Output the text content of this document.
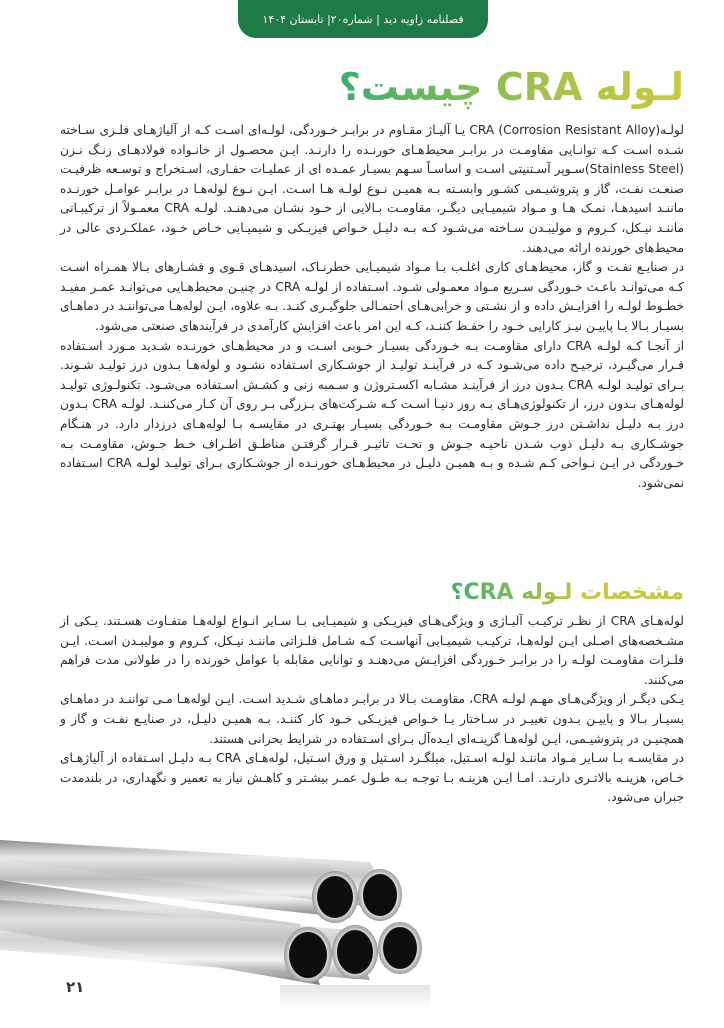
فصلنامه زاویه دید | شماره۲۰| تابستان ۱۴۰۴
لـوله CRA چیست؟

لولـه(CRA (Corrosion Resistant Alloy یـا آلیـاژ مقـاوم در برابـر خـوردگی، لولـه‌ای اسـت کـه از آلیاژهـای فلـزی سـاخته شـده اسـت کـه توانـایی مقاومـت در برابـر محیط‌هـای خورنـده را دارنـد. ایـن محصـول از خانـواده فولادهـای زنـگ نـزن (Stainless Steel)سـوپر آسـتنیتی اسـت و اساسـاً سـهم بسیـار عمـده ای از عملیـات حفـاری، اسـتخراج و توسـعه ظرفیـت صنعـت نفـت، گاز و پتروشیـمی کشـور وابسـته بـه همیـن نـوع لولـه هـا اسـت. ایـن نـوع لوله‌هـا در برابـر عوامـل خورنـده ماننـد اسیدهـا، نمـک هـا و مـواد شیمیـایی دیگـر، مقاومـت بـالایی از خـود نشـان می‌دهنـد. لولـه CRA معمـولاً از ترکیبـاتی ماننـد نیـکل، کـروم و مولیبـدن سـاخته می‌شـود کـه بـه دلیـل خـواص فیزیـکی و شیمیـایی خـاص خـود، عملکـردی عالی در محیط‌های خورنده ارائه می‌دهند.

در صنایـع نفـت و گاز، محیط‌هـای کاری اغلـب بـا مـواد شیمیـایی خطرنـاک، اسیدهـای قـوی و فشـارهای بـالا همـراه اسـت کـه می‌توانـد باعـث خـوردگی سـریع مـواد معمـولی شـود. اسـتفاده از لولـه CRA در چنیـن محیط‌هـایی می‌توانـد عمـر مفیـد خطـوط لولـه را افزایـش داده و از نشـتی و خرابی‌هـای احتمـالی جلوگیـری کنـد. بـه علاوه، ایـن لوله‌هـا می‌تواننـد در دماهـای بسیـار بـالا یـا پاییـن نیـز کارایی خـود را حفـظ کننـد، کـه این امر باعث افزایش کارآمدی در فرآیندهای صنعتی می‌شود.

از آنجـا کـه لولـه CRA دارای مقاومـت بـه خـوردگی بسیـار خـوبی اسـت و در محیط‌هـای خورنـده شـدید مـورد اسـتفاده قـرار می‌گیـرد، ترجیـح داده می‌شـود کـه در فرآینـد تولیـد از جوشـکاری اسـتفاده نشـود و لوله‌هـا بـدون درز تولیـد شـوند. بـرای تولیـد لولـه CRA بـدون درز از فرآینـد مشـابه اکسـتروژن و سـمبه زنی و کشـش اسـتفاده می‌شـود. تکنولـوژی تولیـد لوله‌هـای بـدون درز، از تکنولوژی‌هـای بـه روز دنیـا اسـت کـه شـرکت‌های بـزرگی بـر روی آن کـار می‌کننـد. لولـه CRA بـدون درز بـه دلیـل نداشـتن درز جـوش مقاومـت بـه خـوردگی بسیـار بهتـری در مقایسـه بـا لوله‌هـای درزدار دارد. در هنـگام جوشـکاری بـه دلیـل ذوب شـدن ناحیـه جـوش و تحـت تاثیـر قـرار گرفتـن مناطـق اطـراف خـط جـوش، مقاومـت بـه خـوردگی در ایـن نـواحی کـم شـده و بـه همیـن دلیـل در محیط‌هـای خورنـده از جوشـکاری بـرای تولیـد لولـه CRA اسـتفاده نمی‌شود.

مشخصات لـوله CRA؟

لوله‌هـای CRA از نظـر ترکیـب آلیـاژی و ویژگی‌هـای فیزیـکی و شیمیـایی بـا سـایر انـواع لوله‌هـا متفـاوت هسـتند. یـکی از مشـخصه‌های اصـلی ایـن لوله‌هـا، ترکیـب شیمیـایی آنهاسـت کـه شـامل فلـزاتی ماننـد نیـکل، کـروم و مولیبـدن اسـت. ایـن فلـزات مقاومـت لولـه را در برابـر خـوردگی افزایـش می‌دهنـد و توانایی مقابله با عوامل خورنده را در طولانی مدت فراهم می‌کنند.

یـکی دیگـر از ویژگی‌هـای مهـم لولـه CRA، مقاومـت بـالا در برابـر دماهـای شـدید اسـت. ایـن لوله‌هـا مـی تواننـد در دماهـای بسیـار بـالا و پاییـن بـدون تغییـر در سـاختار یـا خـواص فیزیـکی خـود کار کننـد. بـه همیـن دلیـل، در صنایـع نفـت و گاز و همچنیـن در پتروشیـمی، ایـن لوله‌هـا گزینـه‌ای ایـده‌آل بـرای اسـتفاده در شرایط بحرانی هستند.

در مقایسـه بـا سـایر مـواد ماننـد لولـه اسـتیل، میلگـرد اسـتیل و ورق اسـتیل، لوله‌هـای CRA بـه دلیـل اسـتفاده از آلیاژهـای خـاص، هزینـه بالاتـری دارنـد. امـا ایـن هزینـه بـا توجـه بـه طـول عمـر بیشـتر و کاهـش نیاز به تعمیر و نگهداری، در بلندمدت جبران می‌شود.

۲۱
